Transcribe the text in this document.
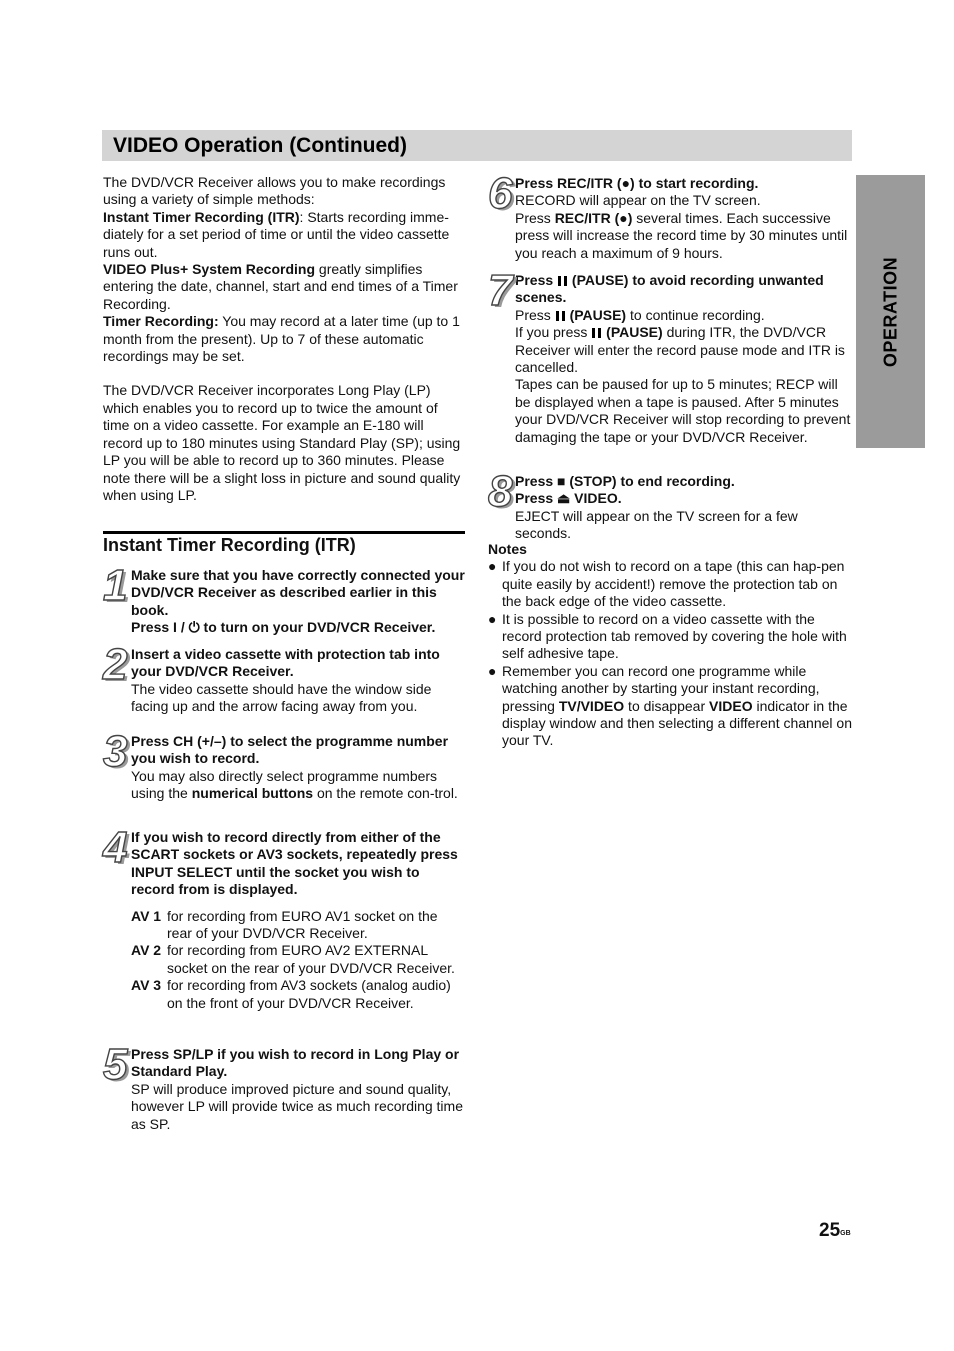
VIDEO Operation (Continued)
OPERATION

The DVD/VCR Receiver allows you to make recordings using a variety of simple methods:
Instant Timer Recording (ITR): Starts recording imme-diately for a set period of time or until the video cassette runs out.
VIDEO Plus+ System Recording greatly simplifies entering the date, channel, start and end times of a Timer Recording.
Timer Recording: You may record at a later time (up to 1 month from the present). Up to 7 of these automatic recordings may be set.

The DVD/VCR Receiver incorporates Long Play (LP) which enables you to record up to twice the amount of time on a video cassette. For example an E-180 will record up to 180 minutes using Standard Play (SP); using LP you will be able to record up to 360 minutes. Please note there will be a slight loss in picture and sound quality when using LP.

Instant Timer Recording (ITR)
1 Make sure that you have correctly connected your DVD/VCR Receiver as described earlier in this book.
Press I / ⏻ to turn on your DVD/VCR Receiver.

2 Insert a video cassette with protection tab into your DVD/VCR Receiver.
The video cassette should have the window side facing up and the arrow facing away from you.

3 Press CH (+/–) to select the programme number you wish to record.
You may also directly select programme numbers using the numerical buttons on the remote con-trol.

4 If you wish to record directly from either of the SCART sockets or AV3 sockets, repeatedly press INPUT SELECT until the socket you wish to record from is displayed.

AV 1 for recording from EURO AV1 socket on the rear of your DVD/VCR Receiver.
AV 2 for recording from EURO AV2 EXTERNAL socket on the rear of your DVD/VCR Receiver.
AV 3 for recording from AV3 sockets (analog audio) on the front of your DVD/VCR Receiver.
5 Press SP/LP if you wish to record in Long Play or Standard Play.
SP will produce improved picture and sound quality, however LP will provide twice as much recording time as SP.

6 Press REC/ITR (●) to start recording.
RECORD will appear on the TV screen.
Press REC/ITR (●) several times. Each successive press will increase the record time by 30 minutes until you reach a maximum of 9 hours.

7 Press  (PAUSE) to avoid recording unwanted scenes.
Press  (PAUSE) to continue recording.
If you press  (PAUSE) during ITR, the DVD/VCR Receiver will enter the record pause mode and ITR is cancelled.
Tapes can be paused for up to 5 minutes; RECP will be displayed when a tape is paused. After 5 minutes your DVD/VCR Receiver will stop recording to prevent damaging the tape or your DVD/VCR Receiver.

8 Press ■ (STOP) to end recording.
Press ⏏ VIDEO.
EJECT will appear on the TV screen for a few seconds.

Notes

● If you do not wish to record on a tape (this can hap-pen quite easily by accident!) remove the protection tab on the back edge of the video cassette.
● It is possible to record on a video cassette with the record protection tab removed by covering the hole with self adhesive tape.
● Remember you can record one programme while watching another by starting your instant recording, pressing TV/VIDEO to disappear VIDEO indicator in the display window and then selecting a different channel on your TV.
$25^{GB}$
